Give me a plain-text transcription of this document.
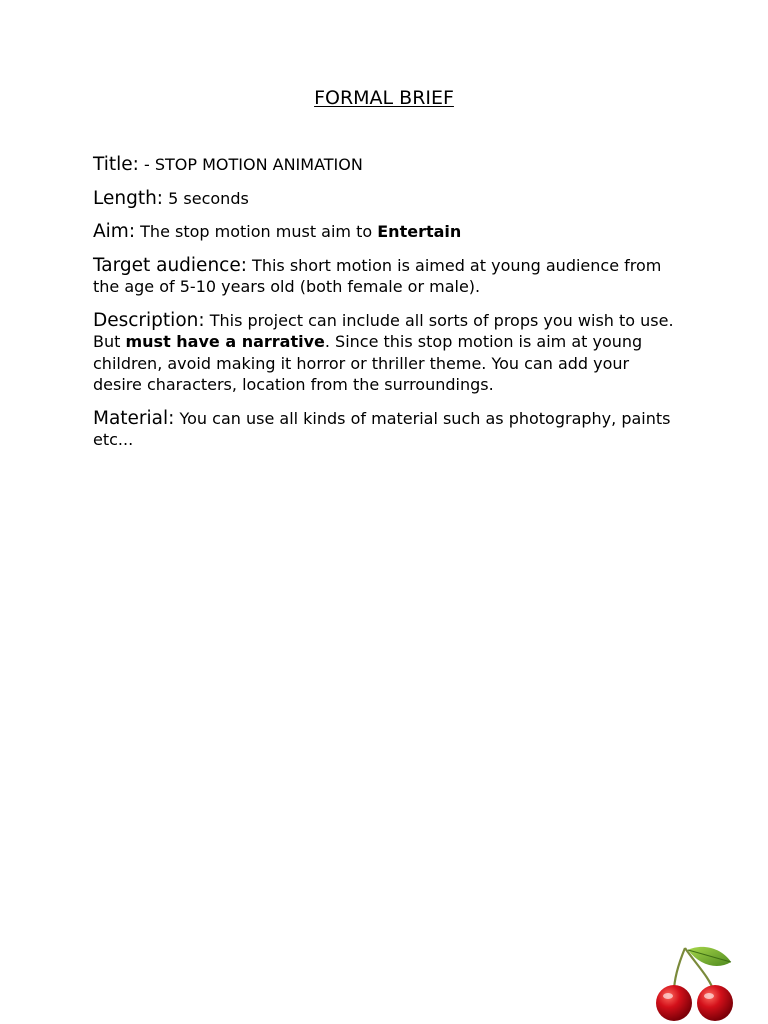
FORMAL BRIEF

Title: - STOP MOTION ANIMATION

Length: 5 seconds

Aim: The stop motion must aim to Entertain

Target audience: This short motion is aimed at young audience from the age of 5-10 years old (both female or male).

Description: This project can include all sorts of props you wish to use. But must have a narrative. Since this stop motion is aim at young children, avoid making it horror or thriller theme. You can add your desire characters, location from the surroundings.

Material: You can use all kinds of material such as photography, paints etc...
